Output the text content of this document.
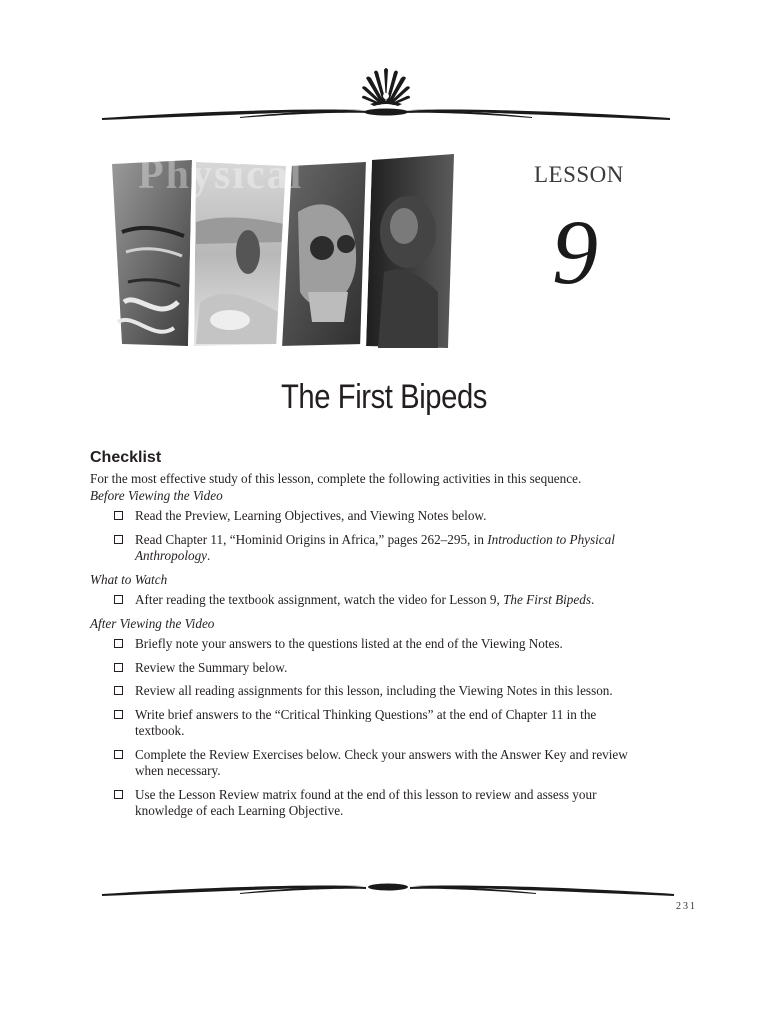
Physical	LESSON
9
The First Bipeds
Checklist

For the most effective study of this lesson, complete the following activities in this sequence.

Before Viewing the Video

Read the Preview, Learning Objectives, and Viewing Notes below.
Read Chapter 11, “Hominid Origins in Africa,” pages 262–295, in Introduction to Physical Anthropology.

What to Watch

After reading the textbook assignment, watch the video for Lesson 9, The First Bipeds.

After Viewing the Video

Briefly note your answers to the questions listed at the end of the Viewing Notes.
Review the Summary below.
Review all reading assignments for this lesson, including the Viewing Notes in this lesson.
Write brief answers to the “Critical Thinking Questions” at the end of Chapter 11 in the textbook.
Complete the Review Exercises below. Check your answers with the Answer Key and review when necessary.
Use the Lesson Review matrix found at the end of this lesson to review and assess your knowledge of each Learning Objective.
231
